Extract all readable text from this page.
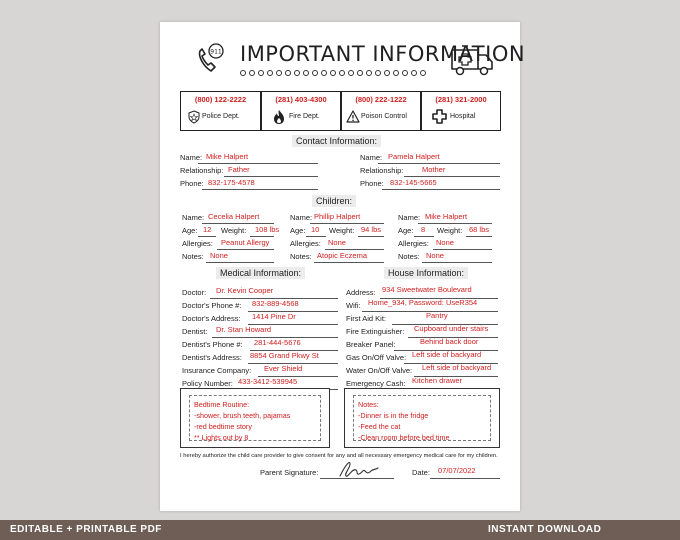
911 IMPORTANT INFORMATION
(800) 122-2222
Police Dept.
(281) 403-4300
Fire Dept.
(800) 222-1222
Poison Control
(281) 321-2000
Hospital
Contact Information:
Name: Mike Halpert
Relationship: Father
Phone: 832-175-4578
Name: Pamela Halpert
Relationship: Mother
Phone: 832-145-5665
Children:
Name: Cecelia Halpert
Age: 12 Weight: 108 lbs
Allergies: Peanut Allergy
Notes: None
Name: Phillip Halpert
Age: 10 Weight: 94 lbs
Allergies: None
Notes: Atopic Eczema
Name: Mike Halpert
Age: 8 Weight: 68 lbs
Allergies: None
Notes: None
Medical Information:	House Information:
Doctor: Dr. Kevin Cooper
Doctor's Phone #: 832-889-4568
Doctor's Address: 1414 Pine Dr
Dentist: Dr. Stan Howard
Dentist's Phone #: 281-444-5676
Dentist's Address: 8854 Grand Pkwy St
Insurance Company: Ever Shield
Policy Number: 433-3412-539945
Address: 934 Sweetwater Boulevard
Wifi: Home_934, Password: UseR354
First Aid Kit:	Pantry
Fire Extinguisher: Cupboard under stairs
Breaker Panel:	Behind back door
Gas On/Off Valve: Left side of backyard
Water On/Off Valve: Left side of backyard
Emergency Cash: Kitchen drawer
Bedtime Routine:
-shower, brush teeth, pajamas
-red bedtime story
** Lights out by 8
Notes:
-Dinner is in the fridge
-Feed the cat
-Clean room before bed time
I hereby authorize the child care provider to give consent for any and all necessary emergency medical care for my children.
Parent Signature:	Date: 07/07/2022
EDITABLE + PRINTABLE PDF	INSTANT DOWNLOAD
